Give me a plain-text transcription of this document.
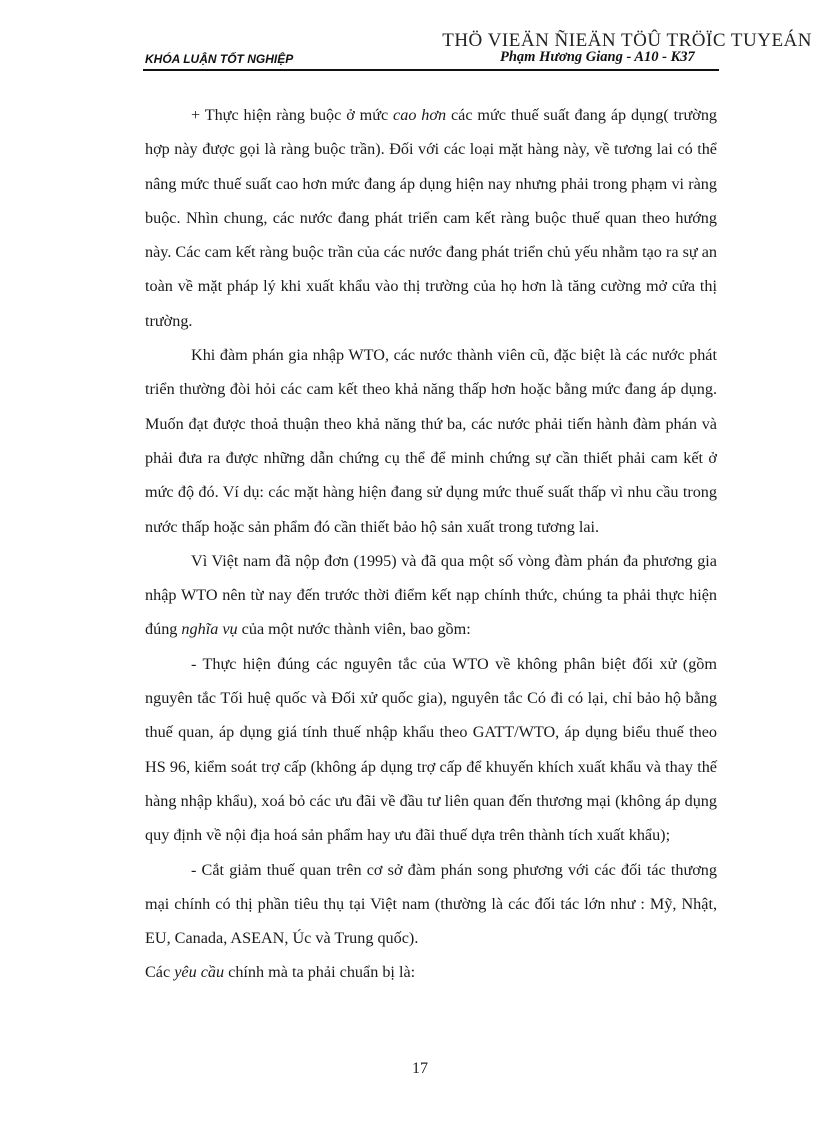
THÖ VIEÄN ÑIEÄN TÖÛ TRÖÏC TUYEÁN
KHÓA LUẬN TỐT NGHIỆP	Phạm Hương Giang - A10 - K37

+ Thực hiện ràng buộc ở mức cao hơn các mức thuế suất đang áp dụng( trường hợp này được gọi là ràng buộc trần). Đối với các loại mặt hàng này, về tương lai có thể nâng mức thuế suất cao hơn mức đang áp dụng hiện nay nhưng phải trong phạm vi ràng buộc. Nhìn chung, các nước đang phát triển cam kết ràng buộc thuế quan theo hướng này. Các cam kết ràng buộc trần của các nước đang phát triển chủ yếu nhằm tạo ra sự an toàn về mặt pháp lý khi xuất khẩu vào thị trường của họ hơn là tăng cường mở cửa thị trường.

Khi đàm phán gia nhập WTO, các nước thành viên cũ, đặc biệt là các nước phát triển thường đòi hỏi các cam kết theo khả năng thấp hơn hoặc bằng mức đang áp dụng. Muốn đạt được thoả thuận theo khả năng thứ ba, các nước phải tiến hành đàm phán và phải đưa ra được những dẫn chứng cụ thể để minh chứng sự cần thiết phải cam kết ở mức độ đó. Ví dụ: các mặt hàng hiện đang sử dụng mức thuế suất thấp vì nhu cầu trong nước thấp hoặc sản phẩm đó cần thiết bảo hộ sản xuất trong tương lai.

Vì Việt nam đã nộp đơn (1995) và đã qua một số vòng đàm phán đa phương gia nhập WTO nên từ nay đến trước thời điểm kết nạp chính thức, chúng ta phải thực hiện đúng nghĩa vụ của một nước thành viên, bao gồm:

- Thực hiện đúng các nguyên tắc của WTO về không phân biệt đối xử (gồm nguyên tắc Tối huệ quốc và Đối xử quốc gia), nguyên tắc Có đi có lại, chỉ bảo hộ bằng thuế quan, áp dụng giá tính thuế nhập khẩu theo GATT/WTO, áp dụng biểu thuế theo HS 96, kiểm soát trợ cấp (không áp dụng trợ cấp để khuyến khích xuất khẩu và thay thế hàng nhập khẩu), xoá bỏ các ưu đãi về đầu tư liên quan đến thương mại (không áp dụng quy định về nội địa hoá sản phẩm hay ưu đãi thuế dựa trên thành tích xuất khẩu);

- Cắt giảm thuế quan trên cơ sở đàm phán song phương với các đối tác thương mại chính có thị phần tiêu thụ tại Việt nam (thường là các đối tác lớn như : Mỹ, Nhật, EU, Canada, ASEAN, Úc và Trung quốc).

Các yêu cầu chính mà ta phải chuẩn bị là:

17
